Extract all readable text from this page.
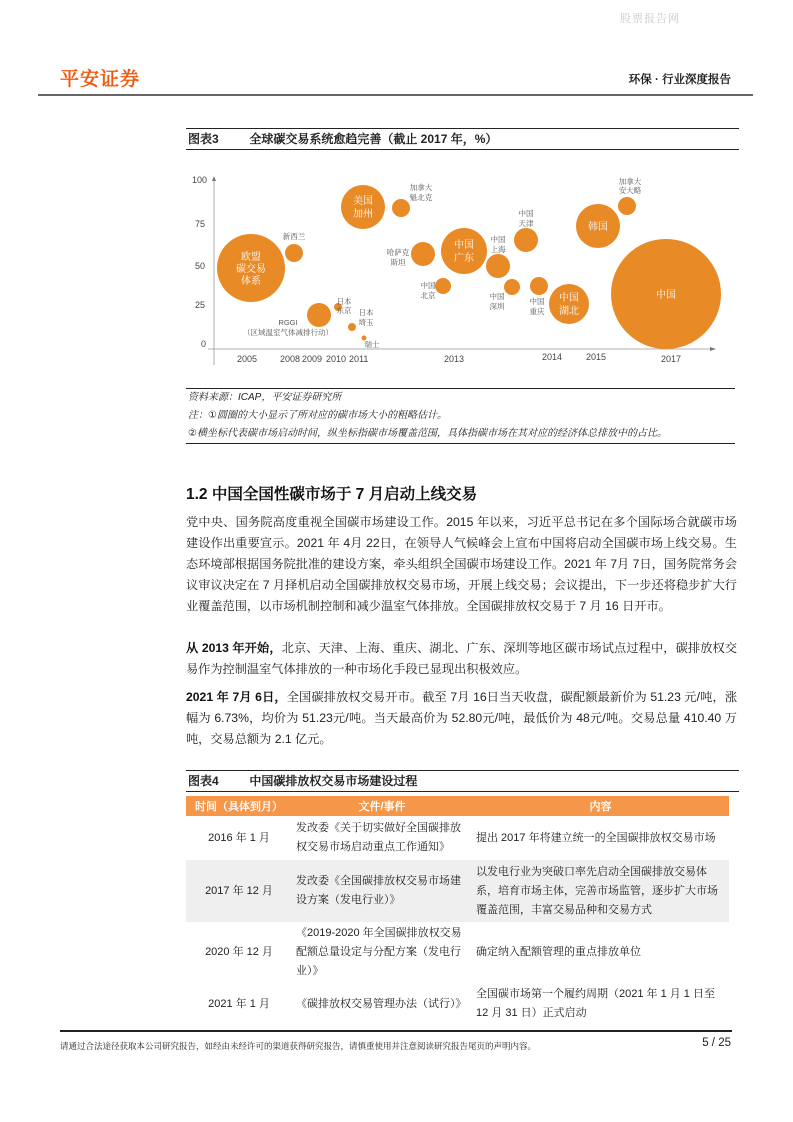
股票报告网
平安证券	环保 · 行业深度报告
图表3	全球碳交易系统愈趋完善（截止 2017 年，%）
100
75
50
25
0
2005	2008 2009 2010 2011	2013	2014	2015	2017
欧盟
碳交易
体系
新西兰
RGGI
（区域温室气体减排行动）
日本
东京 日本
埼玉
瑞士
美国
加州
加拿大
魁北克
哈萨克
斯坦
中国
北京
中国
广东
中国
上海
中国
深圳
中国
天津
中国
重庆
中国
湖北
韩国
加拿大
安大略
中国
资料来源：ICAP，平安证券研究所
注：①圆圈的大小显示了所对应的碳市场大小的粗略估计。
②横坐标代表碳市场启动时间，纵坐标指碳市场覆盖范围，具体指碳市场在其对应的经济体总排放中的占比。
1.2 中国全国性碳市场于 7 月启动上线交易
党中央、国务院高度重视全国碳市场建设工作。2015 年以来，习近平总书记在多个国际场合就碳市场建设作出重要宣示。2021 年 4月 22日，在领导人气候峰会上宣布中国将启动全国碳市场上线交易。生态环境部根据国务院批准的建设方案，牵头组织全国碳市场建设工作。2021 年 7月 7日，国务院常务会议审议决定在 7 月择机启动全国碳排放权交易市场，开展上线交易；会议提出，下一步还将稳步扩大行业覆盖范围，以市场机制控制和减少温室气体排放。全国碳排放权交易于 7 月 16 日开市。
从 2013 年开始，北京、天津、上海、重庆、湖北、广东、深圳等地区碳市场试点过程中，碳排放权交易作为控制温室气体排放的一种市场化手段已显现出积极效应。
2021 年 7月 6日，全国碳排放权交易开市。截至 7月 16日当天收盘，碳配额最新价为 51.23 元/吨，涨幅为 6.73%，均价为 51.23元/吨。当天最高价为 52.80元/吨，最低价为 48元/吨。交易总量 410.40 万吨，交易总额为 2.1 亿元。
图表4	中国碳排放权交易市场建设过程
时间（具体到月）	文件/事件	内容
2016 年 1 月	发改委《关于切实做好全国碳排放权交易市场启动重点工作通知》	提出 2017 年将建立统一的全国碳排放权交易市场
2017 年 12 月	发改委《全国碳排放权交易市场建设方案（发电行业）》	以发电行业为突破口率先启动全国碳排放交易体系，培育市场主体，完善市场监管，逐步扩大市场覆盖范围，丰富交易品种和交易方式
2020 年 12 月	《2019-2020 年全国碳排放权交易配额总量设定与分配方案（发电行业）》	确定纳入配额管理的重点排放单位
2021 年 1 月	《碳排放权交易管理办法（试行）》	全国碳市场第一个履约周期（2021 年 1 月 1 日至 12 月 31 日）正式启动
请通过合法途径获取本公司研究报告，如经由未经许可的渠道获得研究报告，请慎重使用并注意阅读研究报告尾页的声明内容。	5 / 25
